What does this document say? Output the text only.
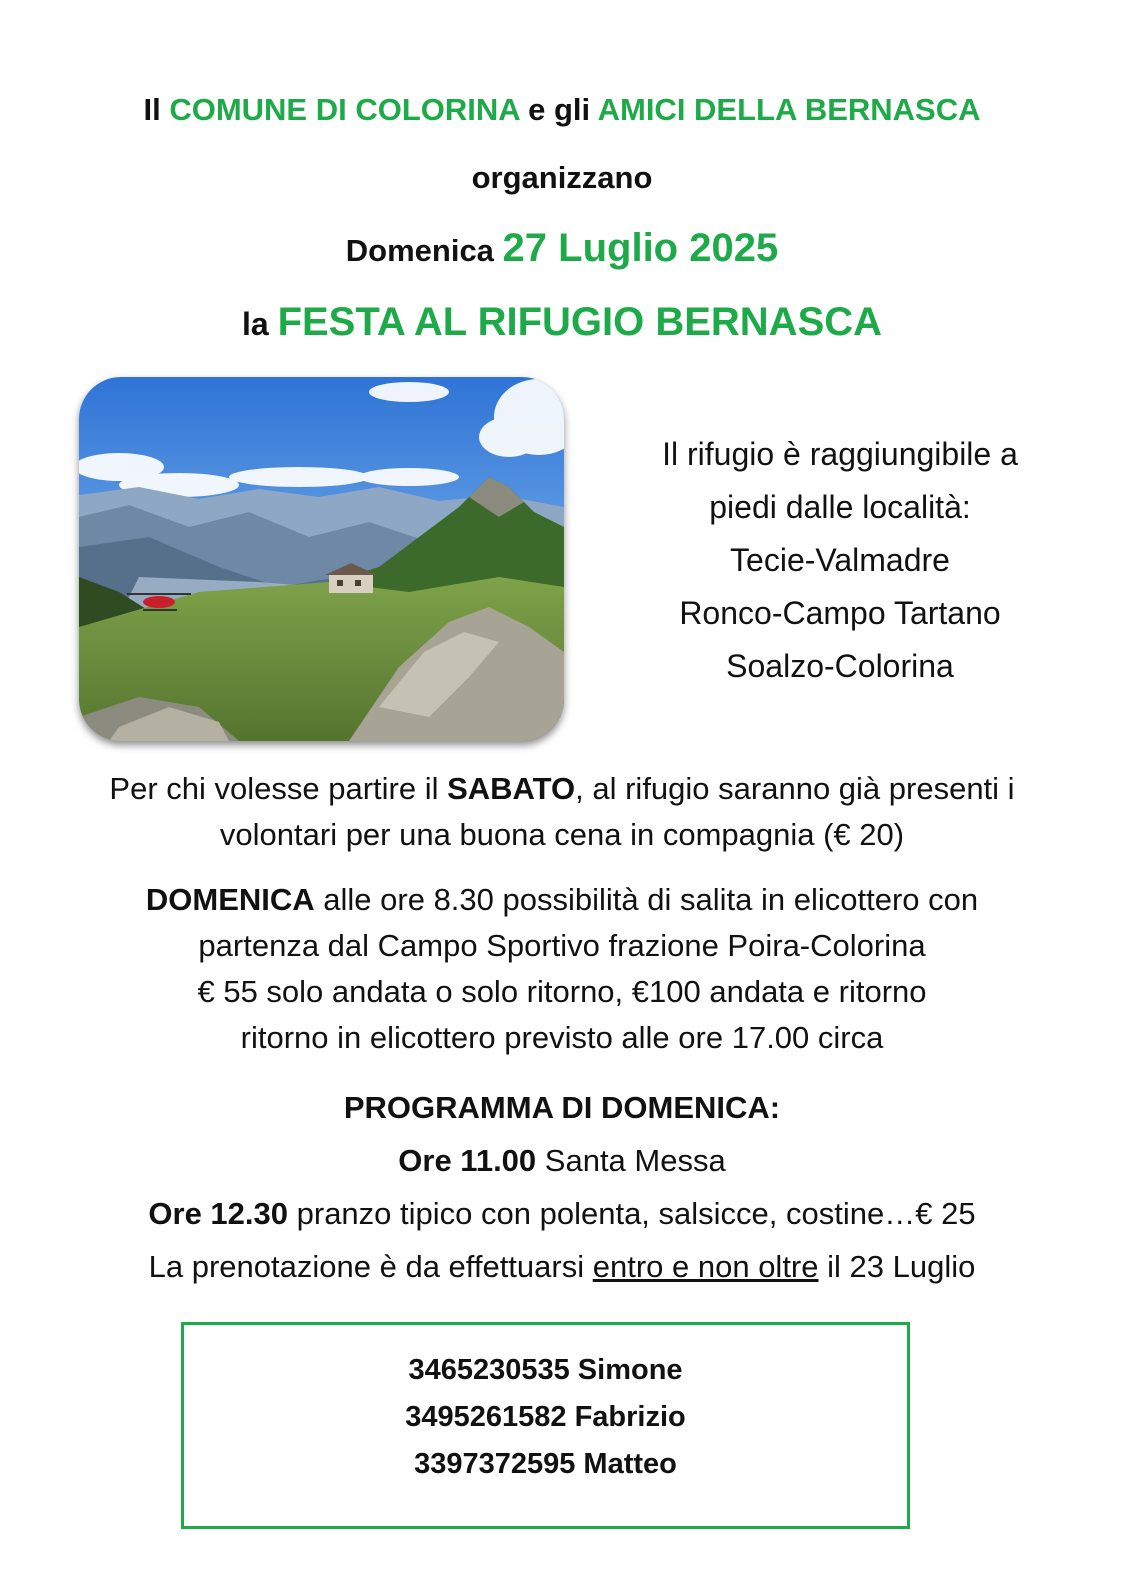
Il COMUNE DI COLORINA e gli AMICI DELLA BERNASCA
organizzano
Domenica 27 Luglio 2025
la FESTA AL RIFUGIO BERNASCA
Il rifugio è raggiungibile a
piedi dalle località:
Tecie-Valmadre
Ronco-Campo Tartano
Soalzo-Colorina
Per chi volesse partire il SABATO, al rifugio saranno già presenti i
volontari per una buona cena in compagnia (€ 20)
DOMENICA alle ore 8.30 possibilità di salita in elicottero con
partenza dal Campo Sportivo frazione Poira-Colorina
€ 55 solo andata o solo ritorno, €100 andata e ritorno
ritorno in elicottero previsto alle ore 17.00 circa
PROGRAMMA DI DOMENICA:
Ore 11.00 Santa Messa
Ore 12.30 pranzo tipico con polenta, salsicce, costine…€ 25
La prenotazione è da effettuarsi entro e non oltre il 23 Luglio
3465230535 Simone
3495261582 Fabrizio
3397372595 Matteo
